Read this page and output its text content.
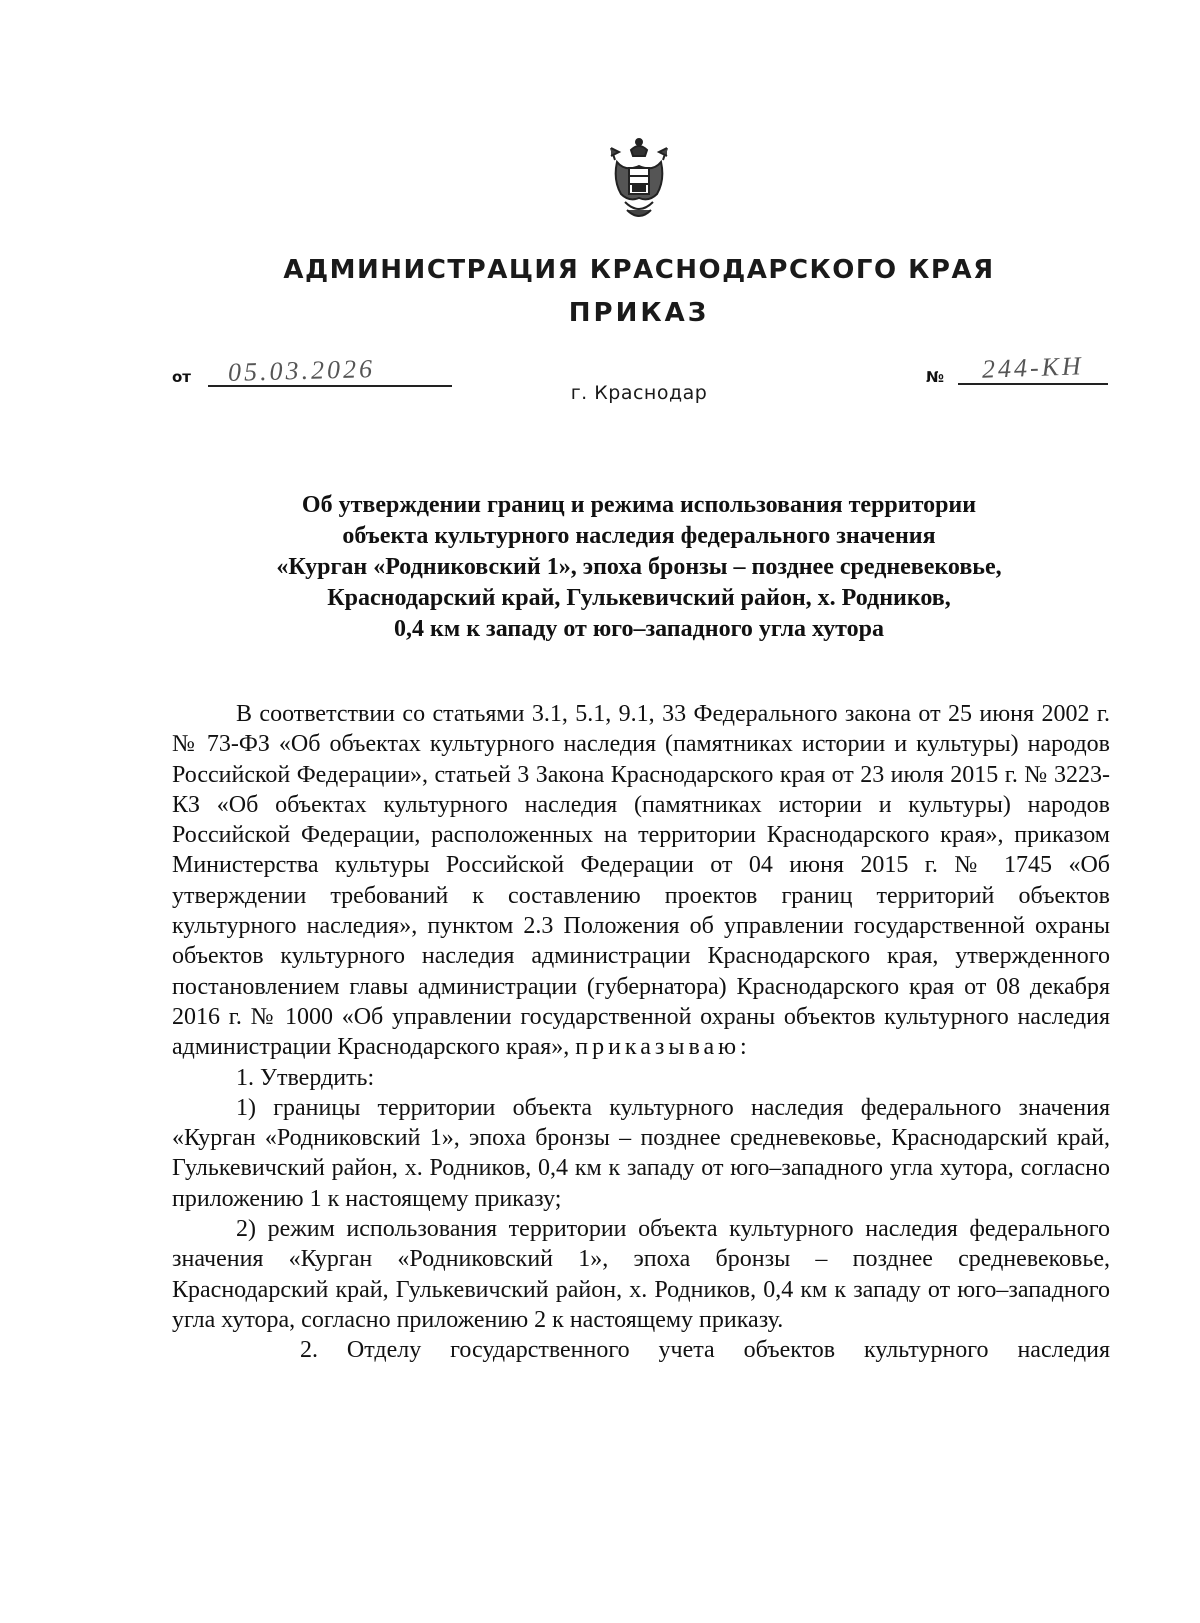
АДМИНИСТРАЦИЯ КРАСНОДАРСКОГО КРАЯ
ПРИКАЗ
от 05.03.2026	№ 244-КН
г. Краснодар
Об утверждении границ и режима использования территории
объекта культурного наследия федерального значения
«Курган «Родниковский 1», эпоха бронзы – позднее средневековье,
Краснодарский край, Гулькевичский район, х. Родников,
0,4 км к западу от юго–западного угла хутора

В соответствии со статьями 3.1, 5.1, 9.1, 33 Федерального закона от 25 июня 2002 г. № 73-ФЗ «Об объектах культурного наследия (памятниках истории и культуры) народов Российской Федерации», статьей 3 Закона Краснодарского края от 23 июля 2015 г. № 3223-КЗ «Об объектах культурного наследия (памятниках истории и культуры) народов Российской Федерации, расположенных на территории Краснодарского края», приказом Министерства культуры Российской Федерации от 04 июня 2015 г. № 1745 «Об утверждении требований к составлению проектов границ территорий объектов культурного наследия», пунктом 2.3 Положения об управлении государственной охраны объектов культурного наследия администрации Краснодарского края, утвержденного постановлением главы администрации (губернатора) Краснодарского края от 08 декабря 2016 г. № 1000 «Об управлении государственной охраны объектов культурного наследия администрации Краснодарского края», приказываю:

1. Утвердить:

1) границы территории объекта культурного наследия федерального значения «Курган «Родниковский 1», эпоха бронзы – позднее средневековье, Краснодарский край, Гулькевичский район, х. Родников, 0,4 км к западу от юго–западного угла хутора, согласно приложению 1 к настоящему приказу;

2) режим использования территории объекта культурного наследия федерального значения «Курган «Родниковский 1», эпоха бронзы – позднее средневековье, Краснодарский край, Гулькевичский район, х. Родников, 0,4 км к западу от юго–западного угла хутора, согласно приложению 2 к настоящему приказу.

2. Отделу государственного учета объектов культурного наследия
